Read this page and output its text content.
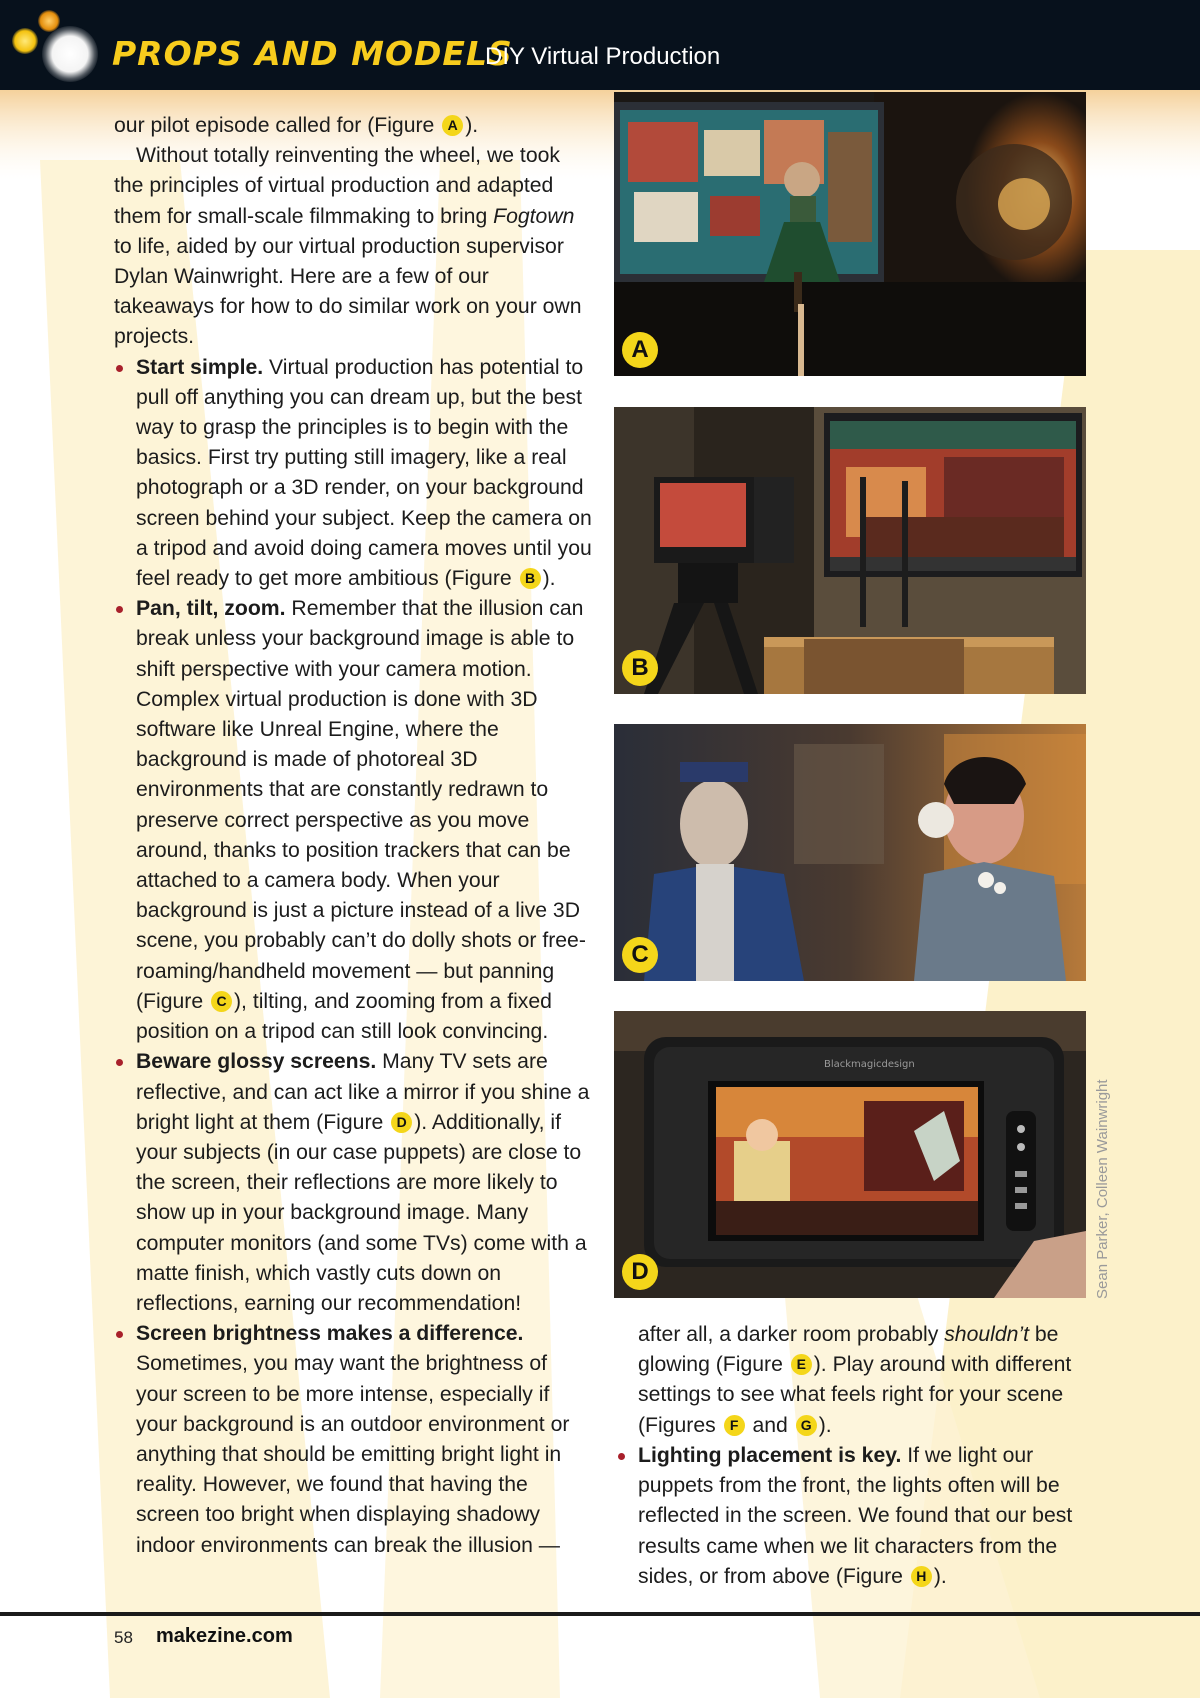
PROPS AND MODELS
DIY Virtual Production

our pilot episode called for (Figure A ).

Without totally reinventing the wheel, we took the principles of virtual production and adapted them for small-scale filmmaking to bring Fogtown to life, aided by our virtual production supervisor Dylan Wainwright. Here are a few of our takeaways for how to do similar work on your own projects.

Start simple. Virtual production has potential to pull off anything you can dream up, but the best way to grasp the principles is to begin with the basics. First try putting still imagery, like a real photograph or a 3D render, on your background screen behind your subject. Keep the camera on a tripod and avoid doing camera moves until you feel ready to get more ambitious (Figure B ).
Pan, tilt, zoom. Remember that the illusion can break unless your background image is able to shift perspective with your camera motion. Complex virtual production is done with 3D software like Unreal Engine, where the background is made of photoreal 3D environments that are constantly redrawn to preserve correct perspective as you move around, thanks to position trackers that can be attached to a camera body. When your background is just a picture instead of a live 3D scene, you probably can’t do dolly shots or free-roaming/handheld movement — but panning (Figure C ), tilting, and zooming from a fixed position on a tripod can still look convincing.
Beware glossy screens. Many TV sets are reflective, and can act like a mirror if you shine a bright light at them (Figure D ). Additionally, if your subjects (in our case puppets) are close to the screen, their reflections are more likely to show up in your background image. Many computer monitors (and some TVs) come with a matte finish, which vastly cuts down on reflections, earning our recommendation!
Screen brightness makes a difference. Sometimes, you may want the brightness of your screen to be more intense, especially if your background is an outdoor environment or anything that should be emitting bright light in reality. However, we found that having the screen too bright when displaying shadowy indoor environments can break the illusion —
A
B
C
Blackmagicdesign
D

after all, a darker room probably shouldn’t be glowing (Figure E ). Play around with different settings to see what feels right for your scene (Figures F and G ).

Lighting placement is key. If we light our puppets from the front, the lights often will be reflected in the screen. We found that our best results came when we lit characters from the sides, or from above (Figure H ).
58 makezine.com
